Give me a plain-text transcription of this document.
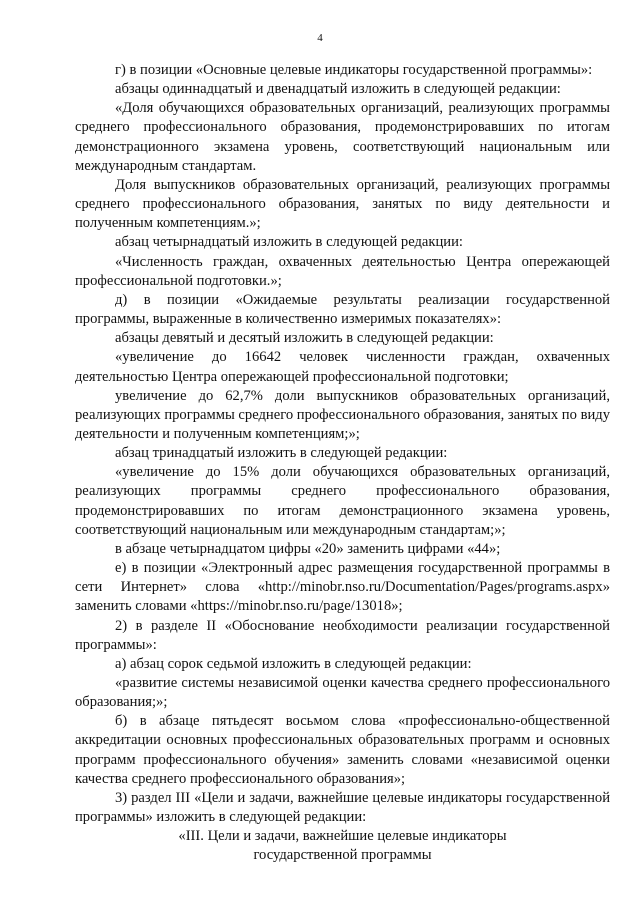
4

г) в позиции «Основные целевые индикаторы государственной программы»:

абзацы одиннадцатый и двенадцатый изложить в следующей редакции:

«Доля обучающихся образовательных организаций, реализующих программы среднего профессионального образования, продемонстрировавших по итогам демонстрационного экзамена уровень, соответствующий национальным или международным стандартам.

Доля выпускников образовательных организаций, реализующих программы среднего профессионального образования, занятых по виду деятельности и полученным компетенциям.»;

абзац четырнадцатый изложить в следующей редакции:

«Численность граждан, охваченных деятельностью Центра опережающей профессиональной подготовки.»;

д) в позиции «Ожидаемые результаты реализации государственной программы, выраженные в количественно измеримых показателях»:

абзацы девятый и десятый изложить в следующей редакции:

«увеличение до 16642 человек численности граждан, охваченных деятельностью Центра опережающей профессиональной подготовки;

увеличение до 62,7% доли выпускников образовательных организаций, реализующих программы среднего профессионального образования, занятых по виду деятельности и полученным компетенциям;»;

абзац тринадцатый изложить в следующей редакции:

«увеличение до 15% доли обучающихся образовательных организаций, реализующих программы среднего профессионального образования, продемонстрировавших по итогам демонстрационного экзамена уровень, соответствующий национальным или международным стандартам;»;

в абзаце четырнадцатом цифры «20» заменить цифрами «44»;

е) в позиции «Электронный адрес размещения государственной программы в сети Интернет» слова «http://minobr.nso.ru/Documentation/Pages/programs.aspx» заменить словами «https://minobr.nso.ru/page/13018»;

2) в разделе II «Обоснование необходимости реализации государственной программы»:

а) абзац сорок седьмой изложить в следующей редакции:

«развитие системы независимой оценки качества среднего профессионального образования;»;

б) в абзаце пятьдесят восьмом слова «профессионально-общественной аккредитации основных профессиональных образовательных программ и основных программ профессионального обучения» заменить словами «независимой оценки качества среднего профессионального образования»;

3) раздел III «Цели и задачи, важнейшие целевые индикаторы государственной программы» изложить в следующей редакции:

«III. Цели и задачи, важнейшие целевые индикаторы

государственной программы
